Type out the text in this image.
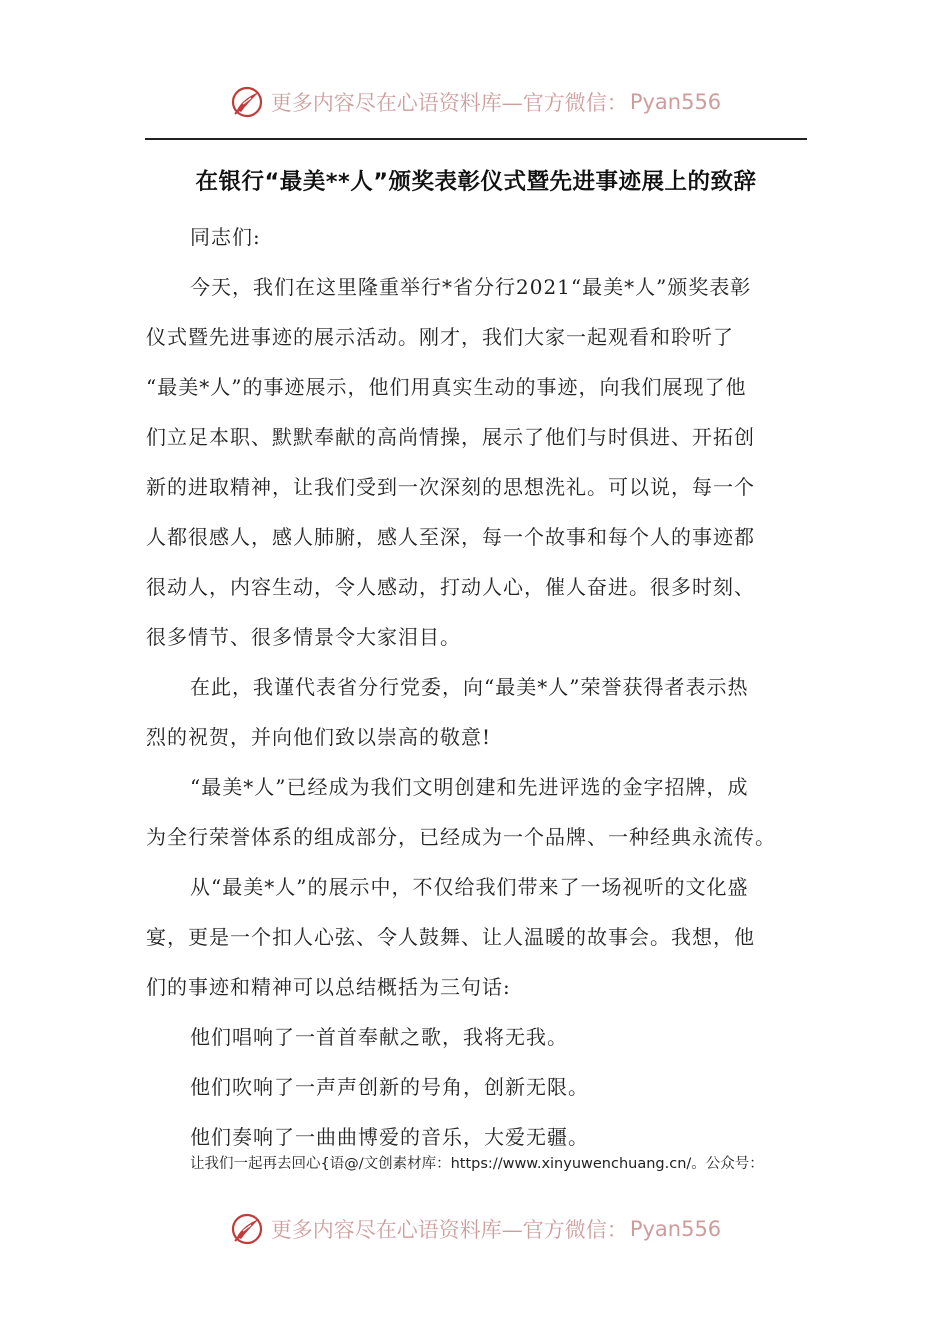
更多内容尽在心语资料库—官方微信： Pyan556
在银行“最美**人”颁奖表彰仪式暨先进事迹展上的致辞
同志们:
今天，我们在这里隆重举行*省分行2021“最美*人”颁奖表彰
仪式暨先进事迹的展示活动。刚才，我们大家一起观看和聆听了
“最美*人”的事迹展示，他们用真实生动的事迹，向我们展现了他
们立足本职、默默奉献的高尚情操，展示了他们与时俱进、开拓创
新的进取精神，让我们受到一次深刻的思想洗礼。可以说，每一个
人都很感人，感人肺腑，感人至深，每一个故事和每个人的事迹都
很动人，内容生动，令人感动，打动人心，催人奋进。很多时刻、
很多情节、很多情景令大家泪目。
在此，我谨代表省分行党委，向“最美*人”荣誉获得者表示热
烈的祝贺，并向他们致以崇高的敬意!
“最美*人”已经成为我们文明创建和先进评选的金字招牌，成
为全行荣誉体系的组成部分，已经成为一个品牌、一种经典永流传。
从“最美*人”的展示中，不仅给我们带来了一场视听的文化盛
宴，更是一个扣人心弦、令人鼓舞、让人温暖的故事会。我想，他
们的事迹和精神可以总结概括为三句话:
他们唱响了一首首奉献之歌，我将无我。
他们吹响了一声声创新的号角，创新无限。
他们奏响了一曲曲博爱的音乐，大爱无疆。
让我们一起再去回心{语@/文创素材库：https://www.xinyuwenchuang.cn/。公众号：
更多内容尽在心语资料库—官方微信： Pyan556
